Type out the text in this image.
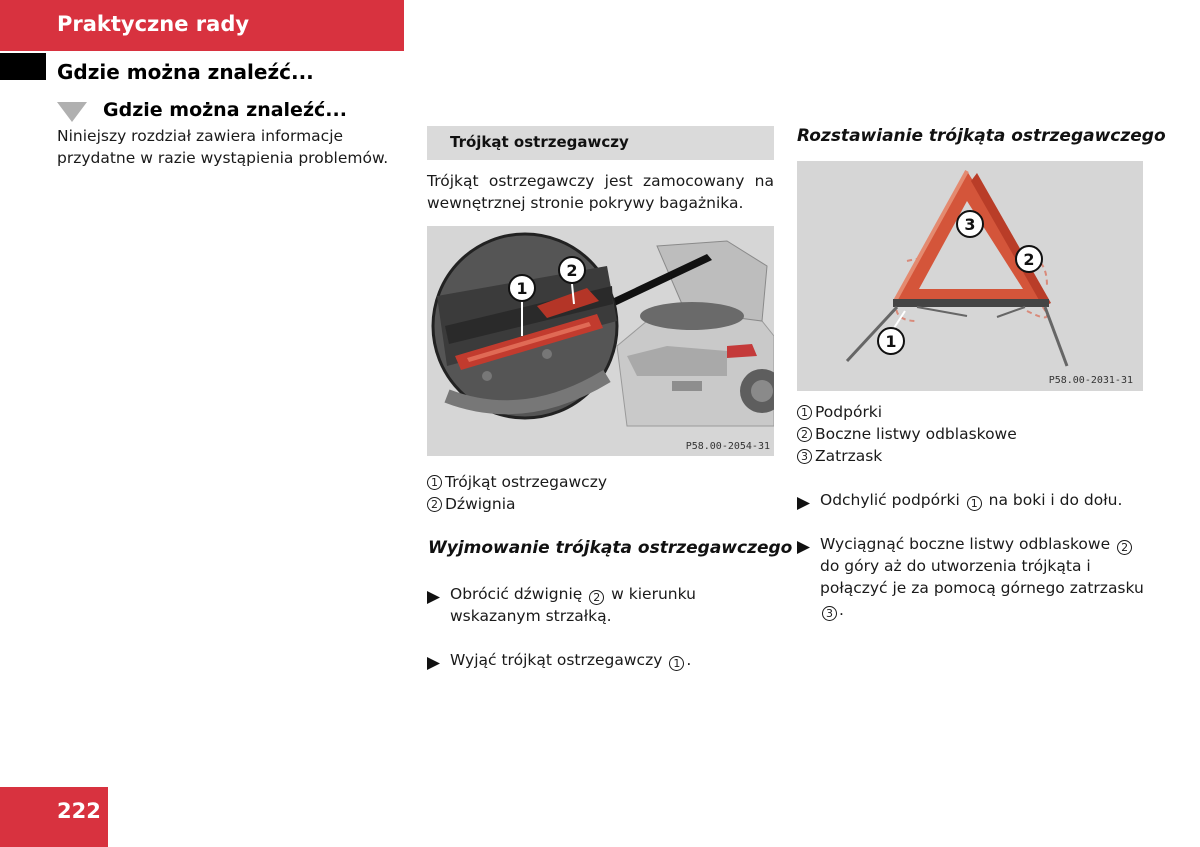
Praktyczne rady
Gdzie można znaleźć...
Gdzie można znaleźć...
Niniejszy rozdział zawiera informacje przydatne w razie wystąpienia problemów.
Trójkąt ostrzegawczy
Trójkąt ostrzegawczy jest zamocowany na wewnętrznej stronie pokrywy bagażnika.
1
2
P58.00-2054-31
1 Trójkąt ostrzegawczy
2 Dźwignia
Wyjmowanie trójkąta ostrzegawczego
Obrócić dźwignię 2 w kierunku wskazanym strzałką.
Wyjąć trójkąt ostrzegawczy 1 .
Rozstawianie trójkąta ostrzegawczego
3
2
1
P58.00-2031-31
1 Podpórki
2 Boczne listwy odblaskowe
3 Zatrzask
Odchylić podpórki 1 na boki i do dołu.
Wyciągnąć boczne listwy odblaskowe 2 do góry aż do utworzenia trójkąta i połączyć je za pomocą górnego zatrzasku 3 .
222
